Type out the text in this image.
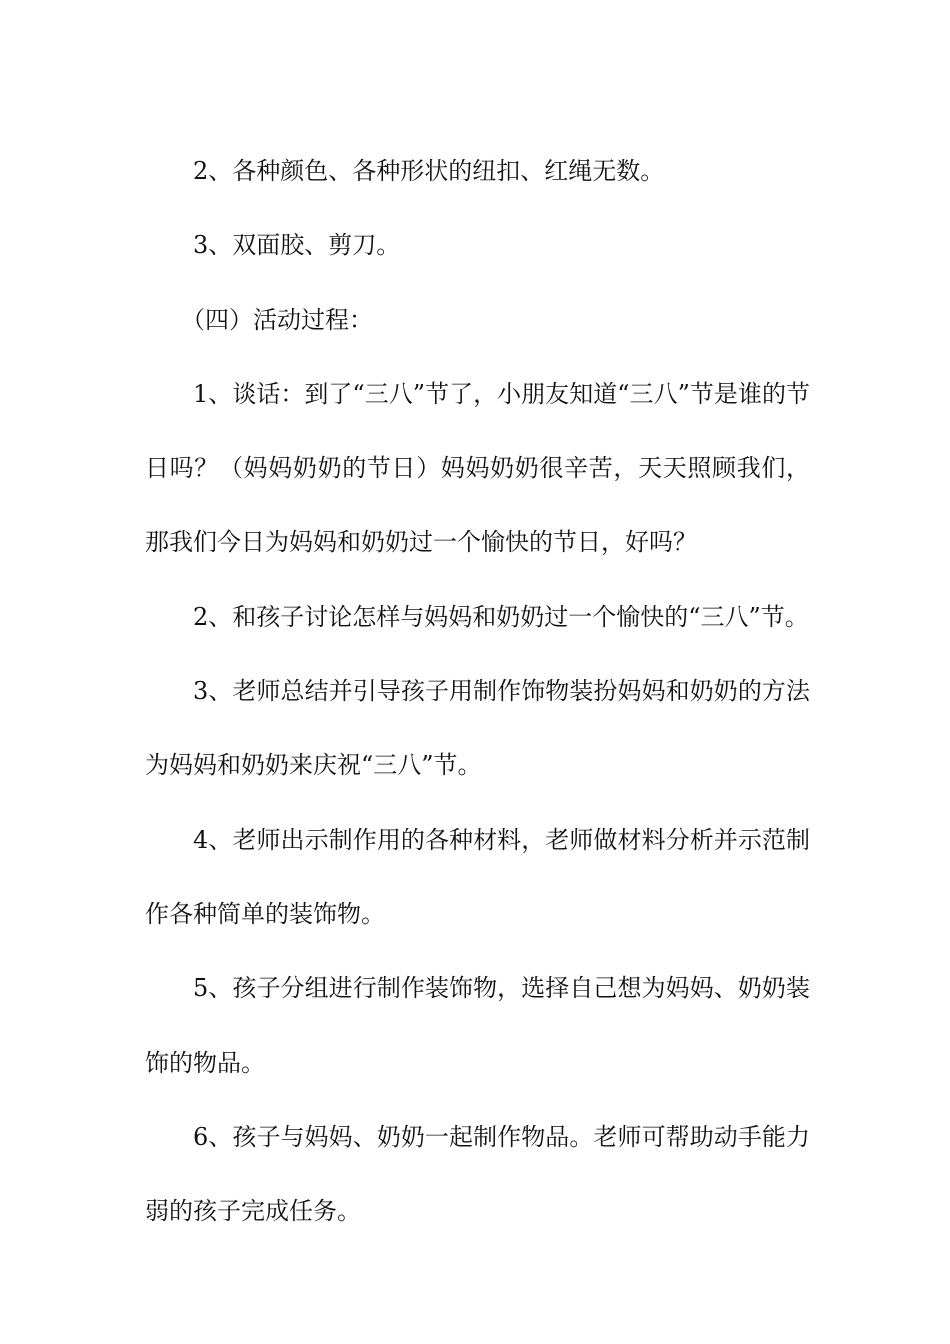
2、各种颜色、各种形状的纽扣、红绳无数。

3、双面胶、剪刀。

（四）活动过程：

1、谈话：到了“三八”节了，小朋友知道“三八”节是谁的节日吗？（妈妈奶奶的节日）妈妈奶奶很辛苦，天天照顾我们，那我们今日为妈妈和奶奶过一个愉快的节日，好吗？

2、和孩子讨论怎样与妈妈和奶奶过一个愉快的“三八”节。

3、老师总结并引导孩子用制作饰物装扮妈妈和奶奶的方法为妈妈和奶奶来庆祝“三八”节。

4、老师出示制作用的各种材料，老师做材料分析并示范制作各种简单的装饰物。

5、孩子分组进行制作装饰物，选择自己想为妈妈、奶奶装饰的物品。

6、孩子与妈妈、奶奶一起制作物品。老师可帮助动手能力弱的孩子完成任务。
